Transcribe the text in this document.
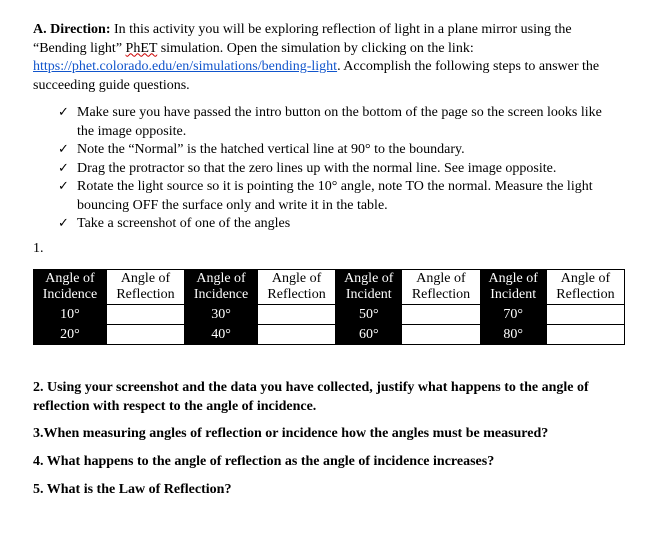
A. Direction: In this activity you will be exploring reflection of light in a plane mirror using the “Bending light” PhET simulation. Open the simulation by clicking on the link: https://phet.colorado.edu/en/simulations/bending-light. Accomplish the following steps to answer the succeeding guide questions.
✓ Make sure you have passed the intro button on the bottom of the page so the screen looks like the image opposite.
✓ Note the “Normal” is the hatched vertical line at 90° to the boundary.
✓ Drag the protractor so that the zero lines up with the normal line. See image opposite.
✓ Rotate the light source so it is pointing the 10° angle, note TO the normal. Measure the light bouncing OFF the surface only and write it in the table.
✓ Take a screenshot of one of the angles
1.
Angle of
Incidence	Angle of
Reflection	Angle of
Incidence	Angle of
Reflection	Angle of
Incident	Angle of
Reflection	Angle of
Incident	Angle of
Reflection
10°		30°		50°		70°	
20°		40°		60°		80°	
2. Using your screenshot and the data you have collected, justify what happens to the angle of reflection with respect to the angle of incidence.
3.When measuring angles of reflection or incidence how the angles must be measured?
4. What happens to the angle of reflection as the angle of incidence increases?
5. What is the Law of Reflection?
